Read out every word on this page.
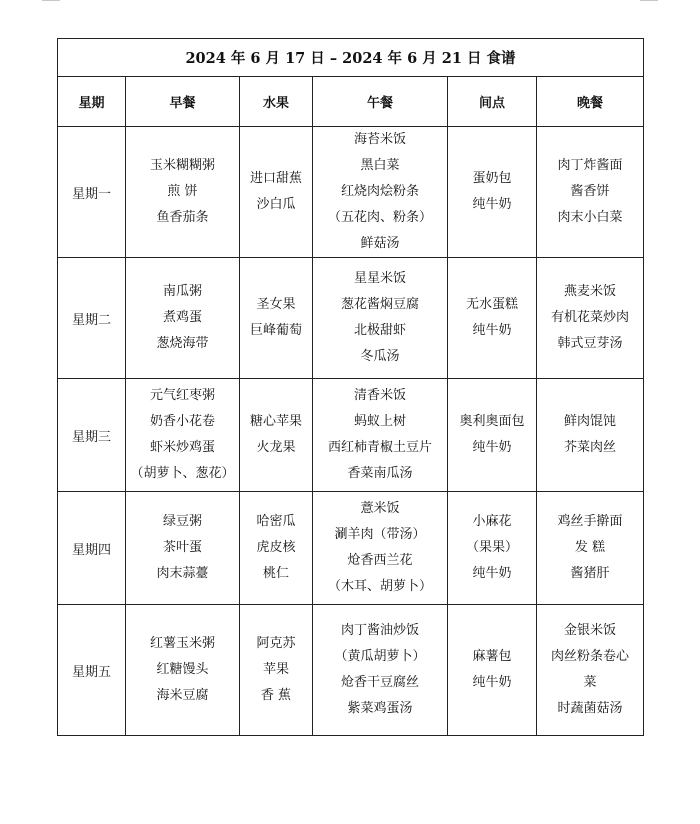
2024 年 6 月 17 日 – 2024 年 6 月 21 日 食谱					
星期	早餐	水果	午餐	间点	晚餐
星期一	玉米糊糊粥
煎 饼
鱼香茄条	进口甜蕉
沙白瓜	海苔米饭
黑白菜
红烧肉烩粉条
（五花肉、粉条）
鲜菇汤	蛋奶包
纯牛奶	肉丁炸酱面
酱香饼
肉末小白菜

星期二	南瓜粥
煮鸡蛋
葱烧海带	圣女果
巨峰葡萄	星星米饭
葱花酱焖豆腐
北极甜虾
冬瓜汤	无水蛋糕
纯牛奶	燕麦米饭
有机花菜炒肉
韩式豆芽汤

星期三	元气红枣粥
奶香小花卷
虾米炒鸡蛋
（胡萝卜、葱花）	糖心苹果
火龙果	清香米饭
蚂蚁上树
西红柿青椒土豆片
香菜南瓜汤	奥利奥面包
纯牛奶	鲜肉馄饨
芥菜肉丝

星期四	绿豆粥
茶叶蛋
肉末蒜薹	哈密瓜
虎皮核
桃仁	薏米饭
涮羊肉（带汤）
炝香西兰花
（木耳、胡萝卜）	小麻花
（果果）
纯牛奶	鸡丝手擀面
发 糕
酱猪肝

星期五	红薯玉米粥
红糖馒头
海米豆腐	阿克苏
苹果
香 蕉	肉丁酱油炒饭
（黄瓜胡萝卜）
炝香干豆腐丝
紫菜鸡蛋汤	麻薯包
纯牛奶	金银米饭
肉丝粉条卷心
菜
时蔬菌菇汤
